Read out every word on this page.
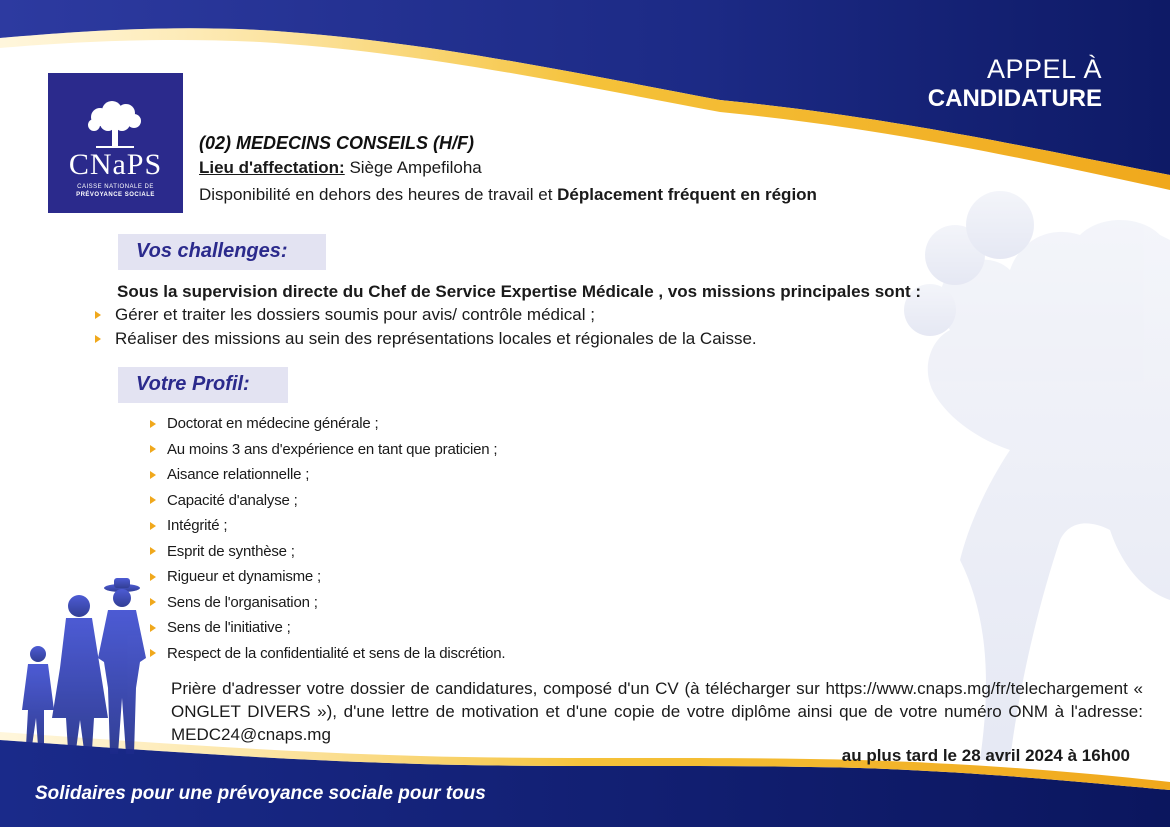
APPEL À
CANDIDATURE
CNaPS
CAISSE NATIONALE DE
PRÉVOYANCE SOCIALE
(02) MEDECINS CONSEILS (H/F)
Lieu d'affectation: Siège Ampefiloha
Disponibilité en dehors des heures de travail et Déplacement fréquent en région
Vos challenges:
Sous la supervision directe du Chef de Service Expertise Médicale , vos missions principales sont :
Gérer et traiter les dossiers soumis pour avis/ contrôle médical ;
Réaliser des missions au sein des représentations locales et régionales de la Caisse.
Votre Profil:
Doctorat en médecine générale ;
Au moins 3 ans d'expérience en tant que praticien ;
Aisance relationnelle ;
Capacité d'analyse ;
Intégrité ;
Esprit de synthèse ;
Rigueur et dynamisme ;
Sens de l'organisation ;
Sens de l'initiative ;
Respect de la confidentialité et sens de la discrétion.
Prière d'adresser votre dossier de candidatures, composé d'un CV (à télécharger sur https://www.cnaps.mg/fr/telechargement « ONGLET DIVERS »), d'une lettre de motivation et d'une copie de votre diplôme ainsi que de votre numéro ONM à l'adresse: MEDC24@cnaps.mg
au plus tard le 28 avril 2024 à 16h00
Solidaires pour une prévoyance sociale pour tous
